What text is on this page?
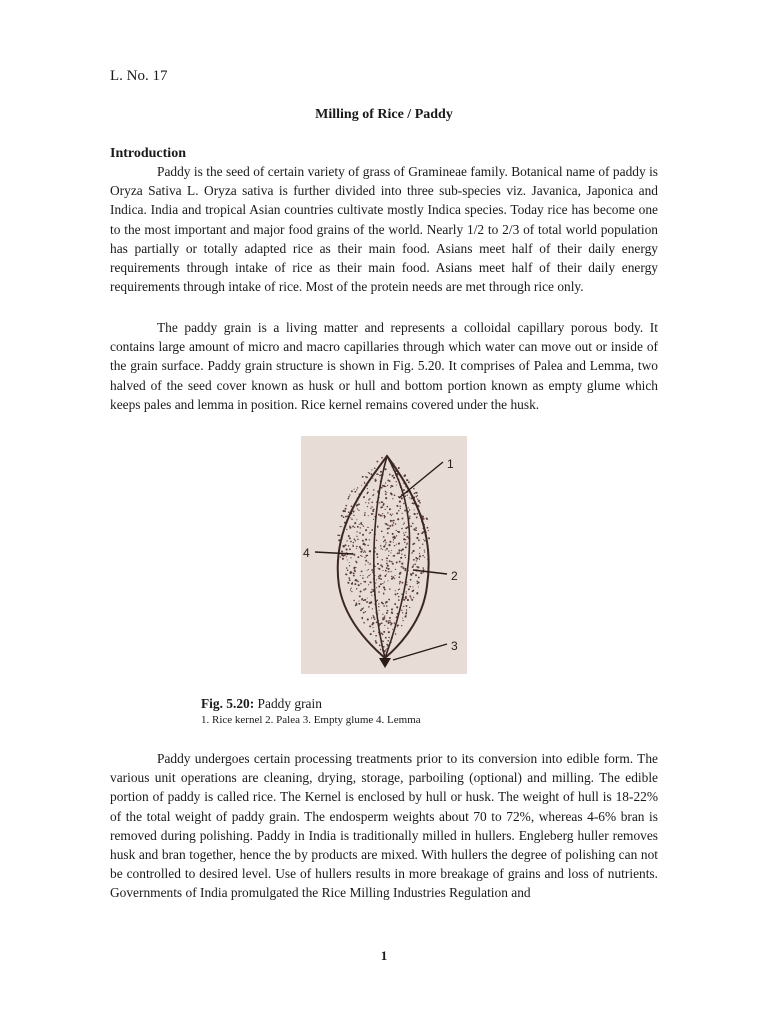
L. No. 17
Milling of Rice / Paddy
Introduction

Paddy is the seed of certain variety of grass of Gramineae family. Botanical name of paddy is Oryza Sativa L. Oryza sativa is further divided into three sub-species viz. Javanica, Japonica and Indica. India and tropical Asian countries cultivate mostly Indica species. Today rice has become one to the most important and major food grains of the world. Nearly 1/2 to 2/3 of total world population has partially or totally adapted rice as their main food. Asians meet half of their daily energy requirements through intake of rice as their main food. Asians meet half of their daily energy requirements through intake of rice. Most of the protein needs are met through rice only.

The paddy grain is a living matter and represents a colloidal capillary porous body. It contains large amount of micro and macro capillaries through which water can move out or inside of the grain surface. Paddy grain structure is shown in Fig. 5.20. It comprises of Palea and Lemma, two halved of the seed cover known as husk or hull and bottom portion known as empty glume which keeps pales and lemma in position. Rice kernel remains covered under the husk.

1
2
3
4
Fig. 5.20: Paddy grain
1. Rice kernel 2. Palea 3. Empty glume 4. Lemma

Paddy undergoes certain processing treatments prior to its conversion into edible form. The various unit operations are cleaning, drying, storage, parboiling (optional) and milling. The edible portion of paddy is called rice. The Kernel is enclosed by hull or husk. The weight of hull is 18-22% of the total weight of paddy grain. The endosperm weights about 70 to 72%, whereas 4-6% bran is removed during polishing. Paddy in India is traditionally milled in hullers. Engleberg huller removes husk and bran together, hence the by products are mixed. With hullers the degree of polishing can not be controlled to desired level. Use of hullers results in more breakage of grains and loss of nutrients. Governments of India promulgated the Rice Milling Industries Regulation and

1
